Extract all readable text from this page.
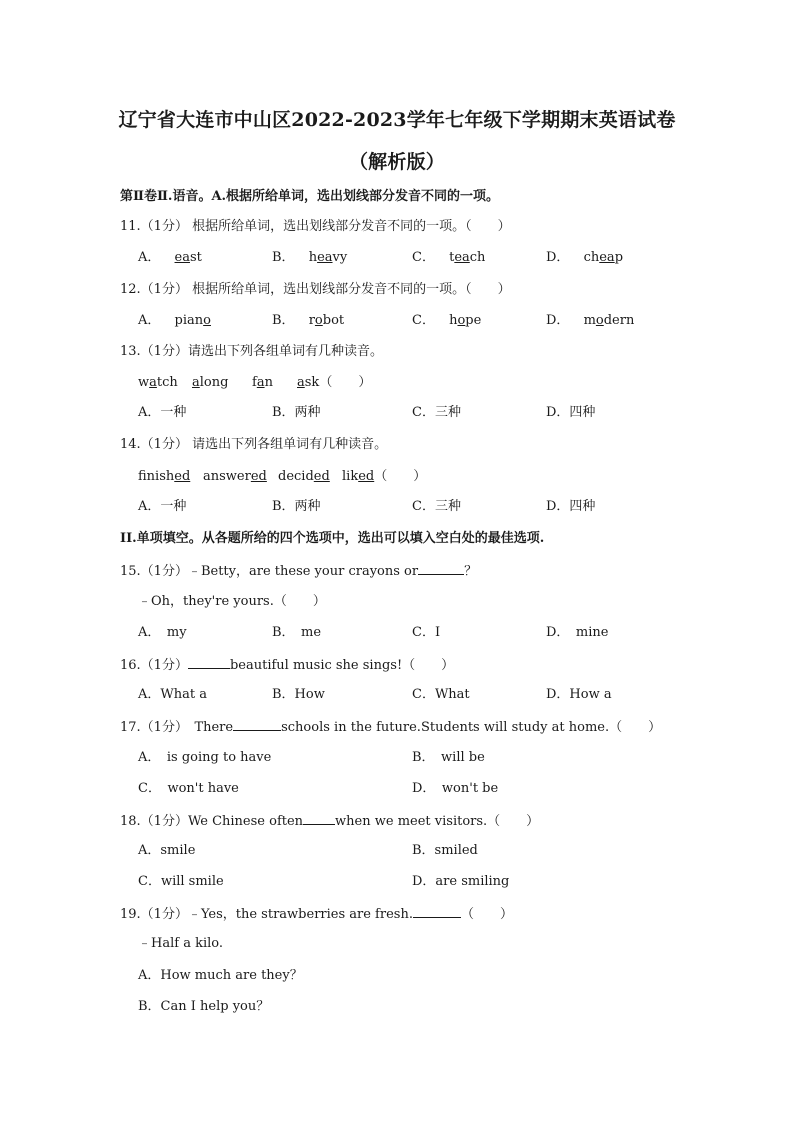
辽宁省大连市中山区2022-2023学年七年级下学期期末英语试卷
（解析版）
第Ⅱ卷Ⅱ.语音。A.根据所给单词，选出划线部分发音不同的一项。
11.（1分） 根据所给单词，选出划线部分发音不同的一项。（　　）
A． east	B． heavy	C． teach	D． cheap
12.（1分） 根据所给单词，选出划线部分发音不同的一项。（　　）
A． piano	B． robot	C． hope	D． modern
13.（1分）请选出下列各组单词有几种读音。
watch along fan ask（　　）
A．一种	B．两种	C．三种	D．四种
14.（1分） 请选出下列各组单词有几种读音。
finished answered decided liked（　　）
A．一种	B．两种	C．三种	D．四种
II.单项填空。从各题所给的四个选项中，选出可以填入空白处的最佳选项.
15.（1分）﹣Betty，are these your crayons or	？
﹣Oh，they're yours.（　　）
A．　my	B．　me	C．I	D．　mine
16.（1分）	beautiful music she sings!（　　）
A．What a	B．How	C．What	D．How a
17.（1分）　There	schools in the future.Students will study at home.（　　）
A．　is going to have	B．　will be
C．　won't have	D．　won't be
18.（1分）We Chinese often when we meet visitors.（　　）
A．smile	B．smiled
C．will smile	D．are smiling
19.（1分）﹣Yes，the strawberries are fresh.	（　　）
﹣Half a kilo.
A．How much are they？
B．Can I help you？
